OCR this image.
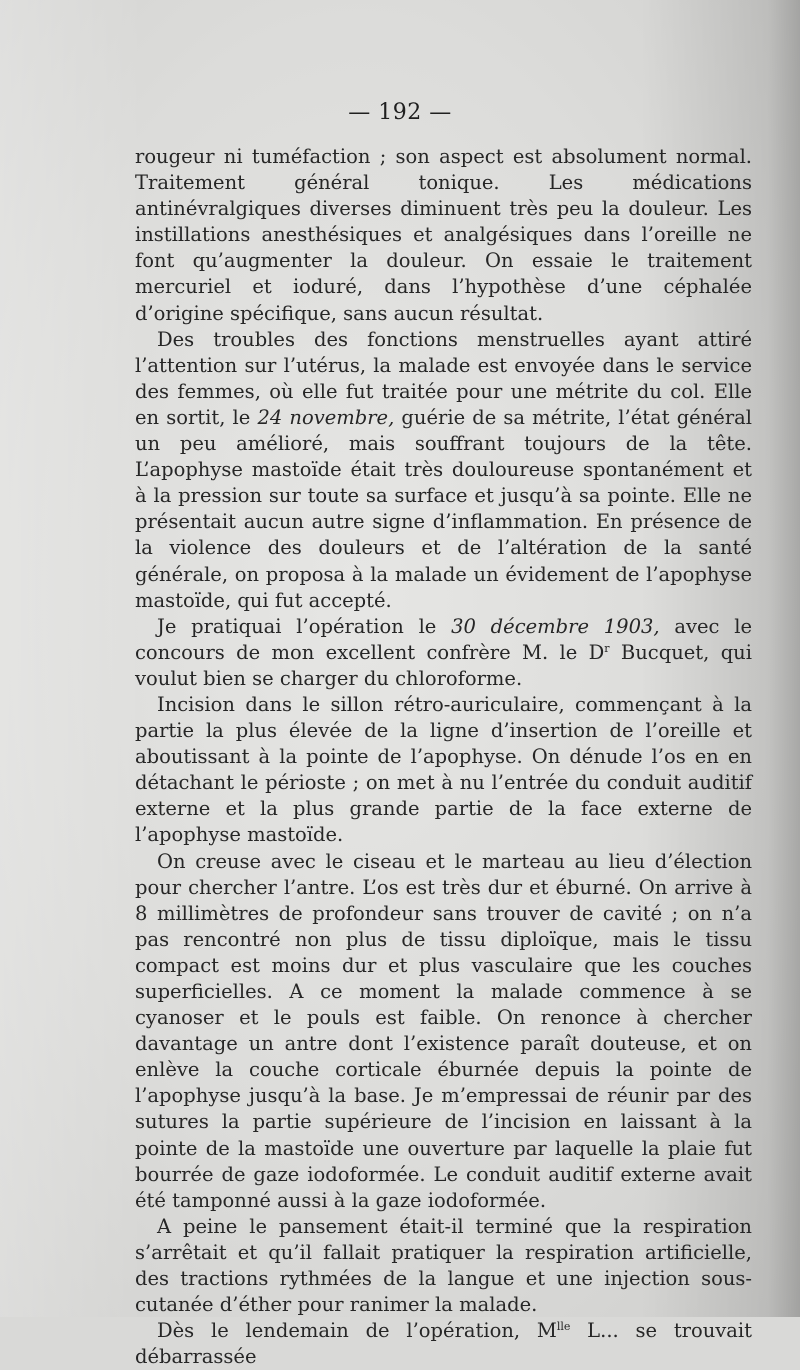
— 192 —

rougeur ni tuméfaction ; son aspect est absolument normal. Traitement général tonique. Les médications antinévralgiques diverses diminuent très peu la douleur. Les instillations anesthésiques et analgésiques dans l’oreille ne font qu’augmenter la douleur. On essaie le traitement mercuriel et ioduré, dans l’hypothèse d’une céphalée d’origine spécifique, sans aucun résultat.

Des troubles des fonctions menstruelles ayant attiré l’attention sur l’utérus, la malade est envoyée dans le service des femmes, où elle fut traitée pour une métrite du col. Elle en sortit, le 24 novembre, guérie de sa métrite, l’état général un peu amélioré, mais souffrant toujours de la tête. L’apophyse mastoïde était très douloureuse spontanément et à la pression sur toute sa surface et jusqu’à sa pointe. Elle ne présentait aucun autre signe d’inflammation. En présence de la violence des douleurs et de l’altération de la santé générale, on proposa à la malade un évidement de l’apophyse mastoïde, qui fut accepté.

Je pratiquai l’opération le 30 décembre 1903, avec le concours de mon excellent confrère M. le $D^r$ Bucquet, qui voulut bien se charger du chloroforme.

Incision dans le sillon rétro-auriculaire, commençant à la partie la plus élevée de la ligne d’insertion de l’oreille et aboutissant à la pointe de l’apophyse. On dénude l’os en en détachant le périoste ; on met à nu l’entrée du conduit auditif externe et la plus grande partie de la face externe de l’apophyse mastoïde.

On creuse avec le ciseau et le marteau au lieu d’élection pour chercher l’antre. L’os est très dur et éburné. On arrive à 8 millimètres de profondeur sans trouver de cavité ; on n’a pas rencontré non plus de tissu diploïque, mais le tissu compact est moins dur et plus vasculaire que les couches superficielles. A ce moment la malade commence à se cyanoser et le pouls est faible. On renonce à chercher davantage un antre dont l’existence paraît douteuse, et on enlève la couche corticale éburnée depuis la pointe de l’apophyse jusqu’à la base. Je m’empressai de réunir par des sutures la partie supérieure de l’incision en laissant à la pointe de la mastoïde une ouverture par laquelle la plaie fut bourrée de gaze iodoformée. Le conduit auditif externe avait été tamponné aussi à la gaze iodoformée.

A peine le pansement était-il terminé que la respiration s’arrêtait et qu’il fallait pratiquer la respiration artificielle, des tractions rythmées de la langue et une injection sous-cutanée d’éther pour ranimer la malade.

Dès le lendemain de l’opération, $M^{lle}$ L... se trouvait débarrassée
